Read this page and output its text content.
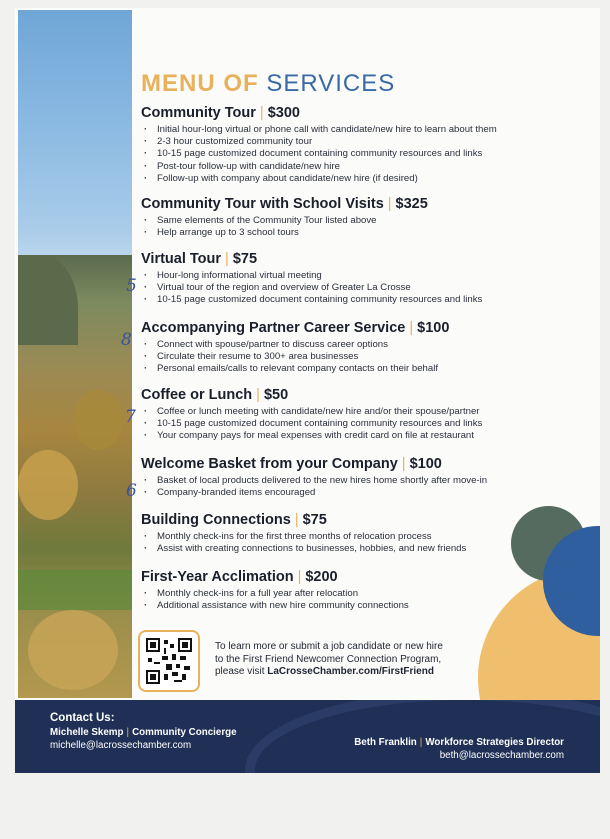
MENU OF SERVICES
Community Tour | $300
· Initial hour-long virtual or phone call with candidate/new hire to learn about them
· 2-3 hour customized community tour
· 10-15 page customized document containing community resources and links
· Post-tour follow-up with candidate/new hire
· Follow-up with company about candidate/new hire (if desired)
Community Tour with School Visits | $325
· Same elements of the Community Tour listed above
· Help arrange up to 3 school tours
Virtual Tour | $75
· Hour-long informational virtual meeting
· Virtual tour of the region and overview of Greater La Crosse
· 10-15 page customized document containing community resources and links
Accompanying Partner Career Service | $100
· Connect with spouse/partner to discuss career options
· Circulate their resume to 300+ area businesses
· Personal emails/calls to relevant company contacts on their behalf
Coffee or Lunch | $50
· Coffee or lunch meeting with candidate/new hire and/or their spouse/partner
· 10-15 page customized document containing community resources and links
· Your company pays for meal expenses with credit card on file at restaurant
Welcome Basket from your Company | $100
· Basket of local products delivered to the new hires home shortly after move-in
· Company-branded items encouraged
Building Connections | $75
· Monthly check-ins for the first three months of relocation process
· Assist with creating connections to businesses, hobbies, and new friends
First-Year Acclimation | $200
· Monthly check-ins for a full year after relocation
· Additional assistance with new hire community connections
5
8
7
6
To learn more or submit a job candidate or new hire
to the First Friend Newcomer Connection Program,
please visit LaCrosseChamber.com/FirstFriend
Contact Us:
Michelle Skemp | Community Concierge
michelle@lacrossechamber.com	Beth Franklin | Workforce Strategies Director
beth@lacrossechamber.com
